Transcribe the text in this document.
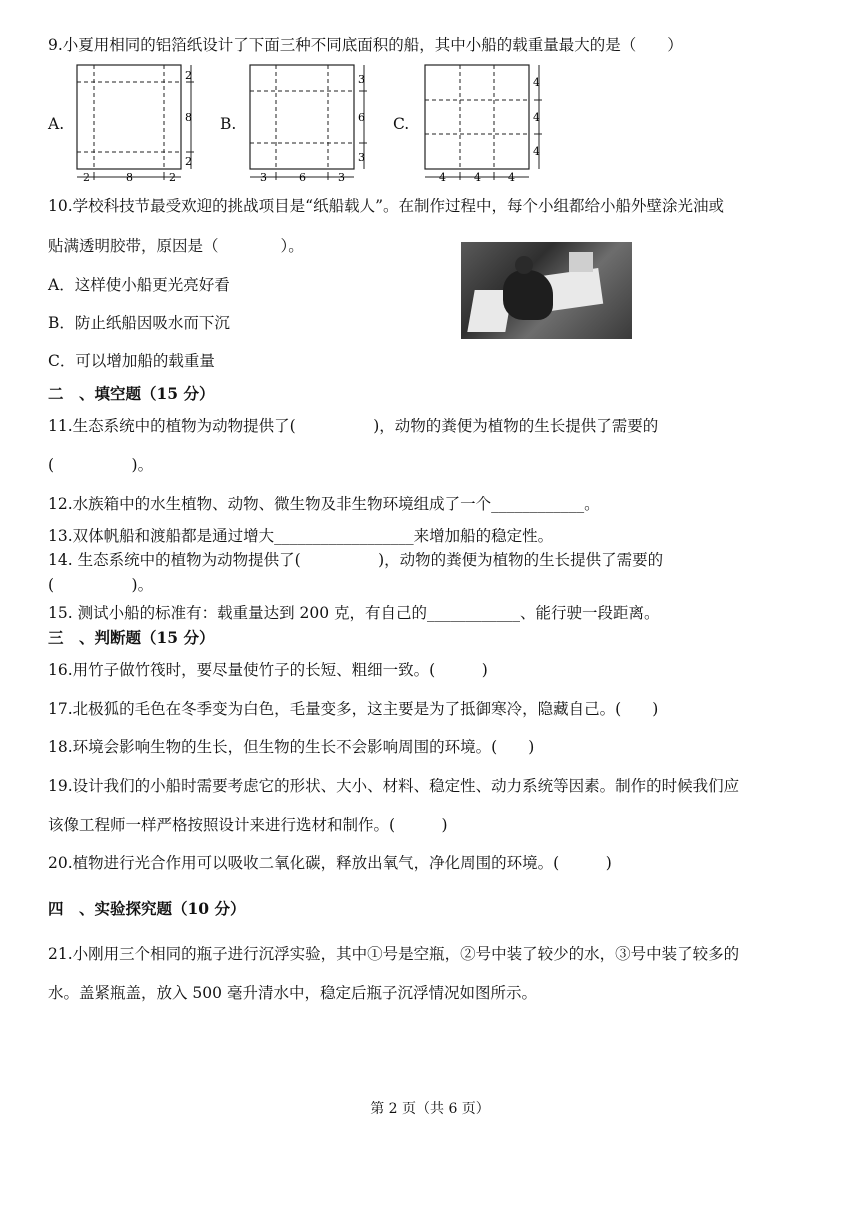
9.小夏用相同的铝箔纸设计了下面三种不同底面积的船，其中小船的载重量最大的是（　　）
A.
2
8
2
2	8	2
B.
3
6
3
3	6	3
C.
4
4
4
4	4 4
10.学校科技节最受欢迎的挑战项目是“纸船载人”。在制作过程中，每个小组都给小船外壁涂光油或
贴满透明胶带，原因是（　　　　）。
A．这样使小船更光亮好看
B．防止纸船因吸水而下沉
C．可以增加船的载重量
二　、填空题（15 分）
11.生态系统中的植物为动物提供了(　　　　　)，动物的粪便为植物的生长提供了需要的
(　　　　　)。
12.水族箱中的水生植物、动物、微生物及非生物环境组成了一个____________。
13.双体帆船和渡船都是通过增大__________________来增加船的稳定性。
14. 生态系统中的植物为动物提供了(　　　　　)，动物的粪便为植物的生长提供了需要的
(　　　　　)。
15. 测试小船的标准有：载重量达到 200 克，有自己的____________、能行驶一段距离。
三　、判断题（15 分）
16.用竹子做竹筏时，要尽量使竹子的长短、粗细一致。(　　　)
17.北极狐的毛色在冬季变为白色，毛量变多，这主要是为了抵御寒冷，隐藏自己。(　　)
18.环境会影响生物的生长，但生物的生长不会影响周围的环境。(　　)
19.设计我们的小船时需要考虑它的形状、大小、材料、稳定性、动力系统等因素。制作的时候我们应
该像工程师一样严格按照设计来进行选材和制作。(　　　)
20.植物进行光合作用可以吸收二氧化碳，释放出氧气，净化周围的环境。(　　　)
四　、实验探究题（10 分）
21.小刚用三个相同的瓶子进行沉浮实验，其中①号是空瓶，②号中装了较少的水，③号中装了较多的
水。盖紧瓶盖，放入 500 毫升清水中，稳定后瓶子沉浮情况如图所示。
第 2 页（共 6 页）
